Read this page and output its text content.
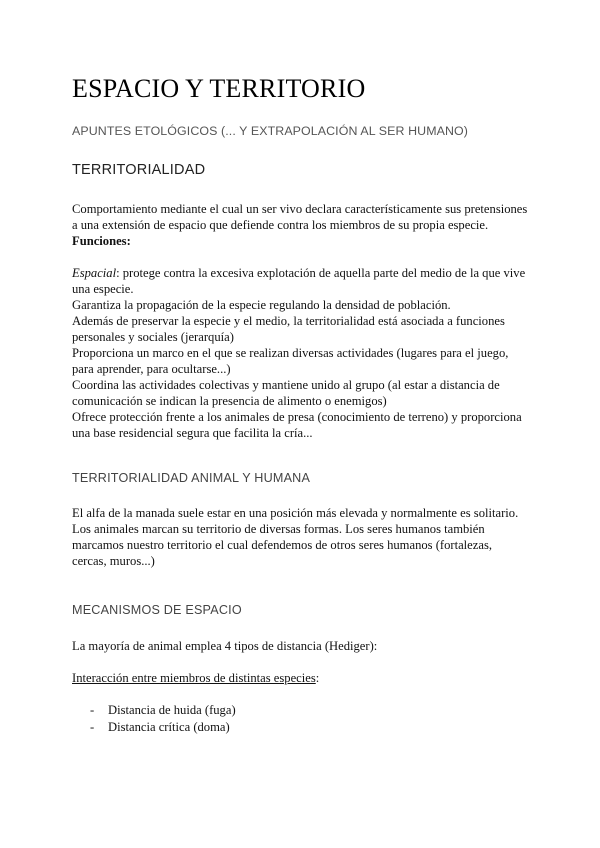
ESPACIO Y TERRITORIO
APUNTES ETOLÓGICOS (... Y EXTRAPOLACIÓN AL SER HUMANO)
TERRITORIALIDAD

Comportamiento mediante el cual un ser vivo declara característicamente sus pretensiones a una extensión de espacio que defiende contra los miembros de su propia especie. Funciones:

Espacial: protege contra la excesiva explotación de aquella parte del medio de la que vive una especie.

Garantiza la propagación de la especie regulando la densidad de población.

Además de preservar la especie y el medio, la territorialidad está asociada a funciones personales y sociales (jerarquía)

Proporciona un marco en el que se realizan diversas actividades (lugares para el juego, para aprender, para ocultarse...)

Coordina las actividades colectivas y mantiene unido al grupo (al estar a distancia de comunicación se indican la presencia de alimento o enemigos)

Ofrece protección frente a los animales de presa (conocimiento de terreno) y proporciona una base residencial segura que facilita la cría...

TERRITORIALIDAD ANIMAL Y HUMANA

El alfa de la manada suele estar en una posición más elevada y normalmente es solitario. Los animales marcan su territorio de diversas formas. Los seres humanos también marcamos nuestro territorio el cual defendemos de otros seres humanos (fortalezas, cercas, muros...)

MECANISMOS DE ESPACIO

La mayoría de animal emplea 4 tipos de distancia (Hediger):

Interacción entre miembros de distintas especies:

- Distancia de huida (fuga)
- Distancia crítica (doma)
